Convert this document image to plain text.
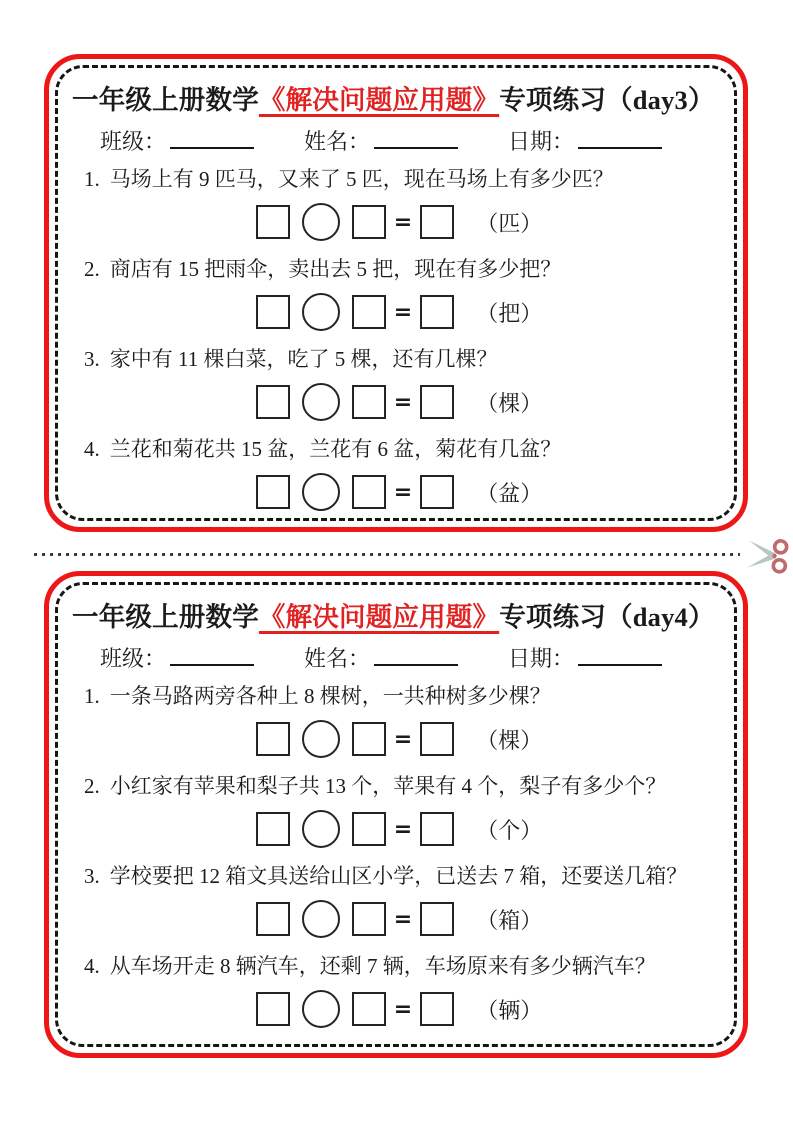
一年级上册数学《解决问题应用题》专项练习（day3）
班级：	姓名：	日期：
1. 马场上有 9 匹马，又来了 5 匹，现在马场上有多少匹？
=	（匹）
2. 商店有 15 把雨伞，卖出去 5 把，现在有多少把？
=	（把）
3. 家中有 11 棵白菜，吃了 5 棵，还有几棵？
=	（棵）
4. 兰花和菊花共 15 盆，兰花有 6 盆，菊花有几盆？
=	（盆）
一年级上册数学《解决问题应用题》专项练习（day4）
班级：	姓名：	日期：
1. 一条马路两旁各种上 8 棵树，一共种树多少棵？
=	（棵）
2. 小红家有苹果和梨子共 13 个，苹果有 4 个，梨子有多少个？
=	（个）
3. 学校要把 12 箱文具送给山区小学，已送去 7 箱，还要送几箱？
=	（箱）
4. 从车场开走 8 辆汽车，还剩 7 辆，车场原来有多少辆汽车？
=	（辆）
